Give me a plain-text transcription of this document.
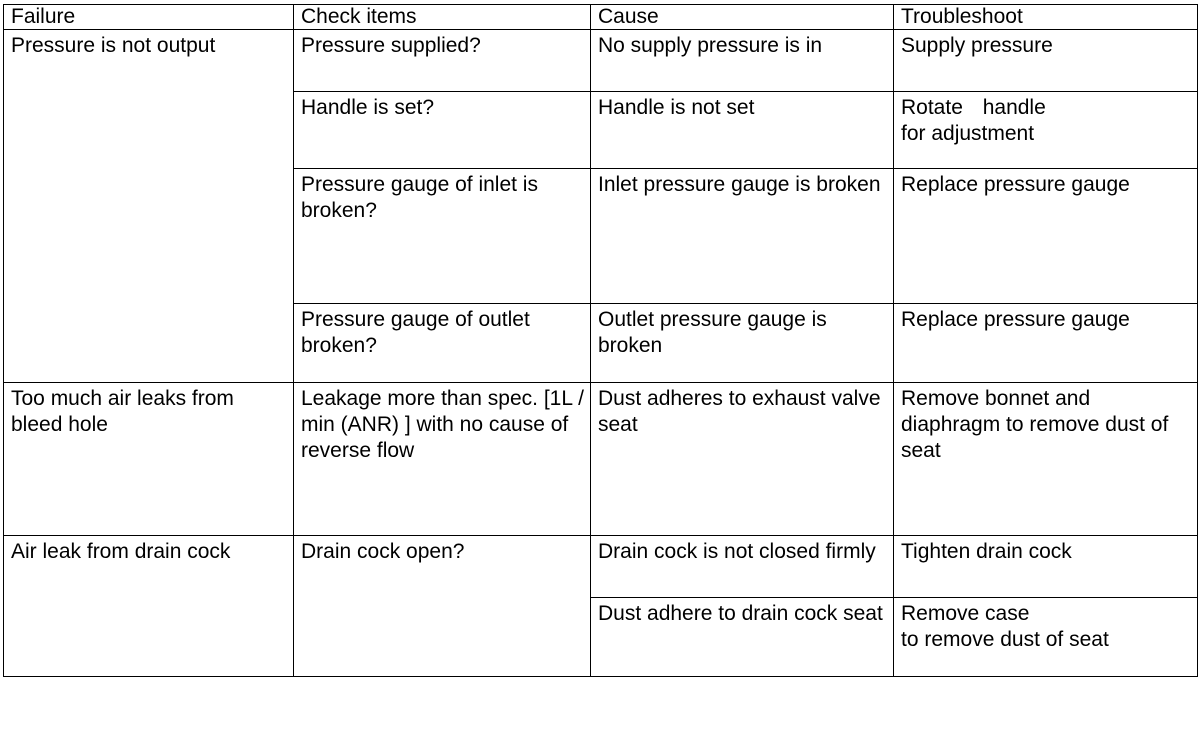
Failure	Check items	Cause	Troubleshoot
Pressure is not output	Pressure supplied?	No supply pressure is in	Supply pressure
	Handle is set?	Handle is not set	Rotate handle
for adjustment

	Pressure gauge of inlet is broken?	Inlet pressure gauge is broken	Replace pressure gauge
	Pressure gauge of outlet broken?	Outlet pressure gauge is broken	Replace pressure gauge
Too much air leaks from bleed hole	Leakage more than spec. [1L / min (ANR) ] with no cause of reverse flow	Dust adheres to exhaust valve seat	Remove bonnet and diaphragm to remove dust of seat
Air leak from drain cock	Drain cock open?	Drain cock is not closed firmly	Tighten drain cock
		Dust adhere to drain cock seat	Remove case
to remove dust of seat
